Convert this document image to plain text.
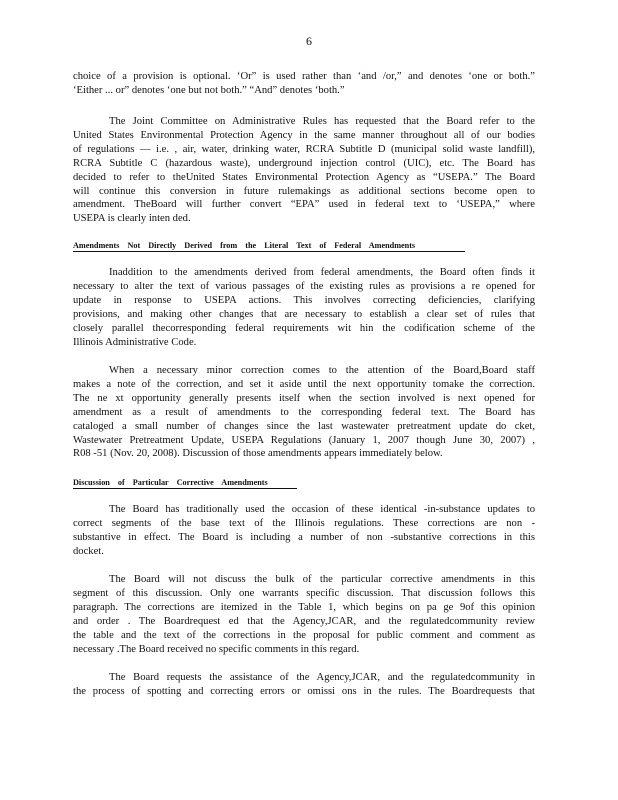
6
choice of a provision is optional. ‘Or” is used rather than ‘and /or,” and denotes ‘one or both.”
‘Either ... or” denotes ‘one but not both.” “And” denotes ‘both.”
The Joint Committee on Administrative Rules has requested that the Board refer to the
United States Environmental Protection Agency in the same manner throughout all of our bodies
of regulations — i.e. , air, water, drinking water, RCRA Subtitle D (municipal solid waste landfill),
RCRA Subtitle C (hazardous waste), underground injection control (UIC), etc. The Board has
decided to refer to theUnited States Environmental Protection Agency as “USEPA.” The Board
will continue this conversion in future rulemakings as additional sections become open to
amendment. TheBoard will further convert “EPA” used in federal text to ‘USEPA,” where
USEPA is clearly inten ded.
Amendments Not Directly Derived from the Literal Text of Federal Amendments
Inaddition to the amendments derived from federal amendments, the Board often finds it
necessary to alter the text of various passages of the existing rules as provisions a re opened for
update in response to USEPA actions. This involves correcting deficiencies, clarifying
provisions, and making other changes that are necessary to establish a clear set of rules that
closely parallel thecorresponding federal requirements wit hin the codification scheme of the
Illinois Administrative Code.
When a necessary minor correction comes to the attention of the Board,Board staff
makes a note of the correction, and set it aside until the next opportunity tomake the correction.
The ne xt opportunity generally presents itself when the section involved is next opened for
amendment as a result of amendments to the corresponding federal text. The Board has
cataloged a small number of changes since the last wastewater pretreatment update do cket,
Wastewater Pretreatment Update, USEPA Regulations (January 1, 2007 though June 30, 2007) ,
R08 -51 (Nov. 20, 2008). Discussion of those amendments appears immediately below.
Discussion of Particular Corrective Amendments
The Board has traditionally used the occasion of these identical -in-substance updates to
correct segments of the base text of the Illinois regulations. These corrections are non -
substantive in effect. The Board is including a number of non -substantive corrections in this
docket.
The Board will not discuss the bulk of the particular corrective amendments in this
segment of this discussion. Only one warrants specific discussion. That discussion follows this
paragraph. The corrections are itemized in the Table 1, which begins on pa ge 9of this opinion
and order . The Boardrequest ed that the Agency,JCAR, and the regulatedcommunity review
the table and the text of the corrections in the proposal for public comment and comment as
necessary .The Board received no specific comments in this regard.
The Board requests the assistance of the Agency,JCAR, and the regulatedcommunity in
the process of spotting and correcting errors or omissi ons in the rules. The Boardrequests that
